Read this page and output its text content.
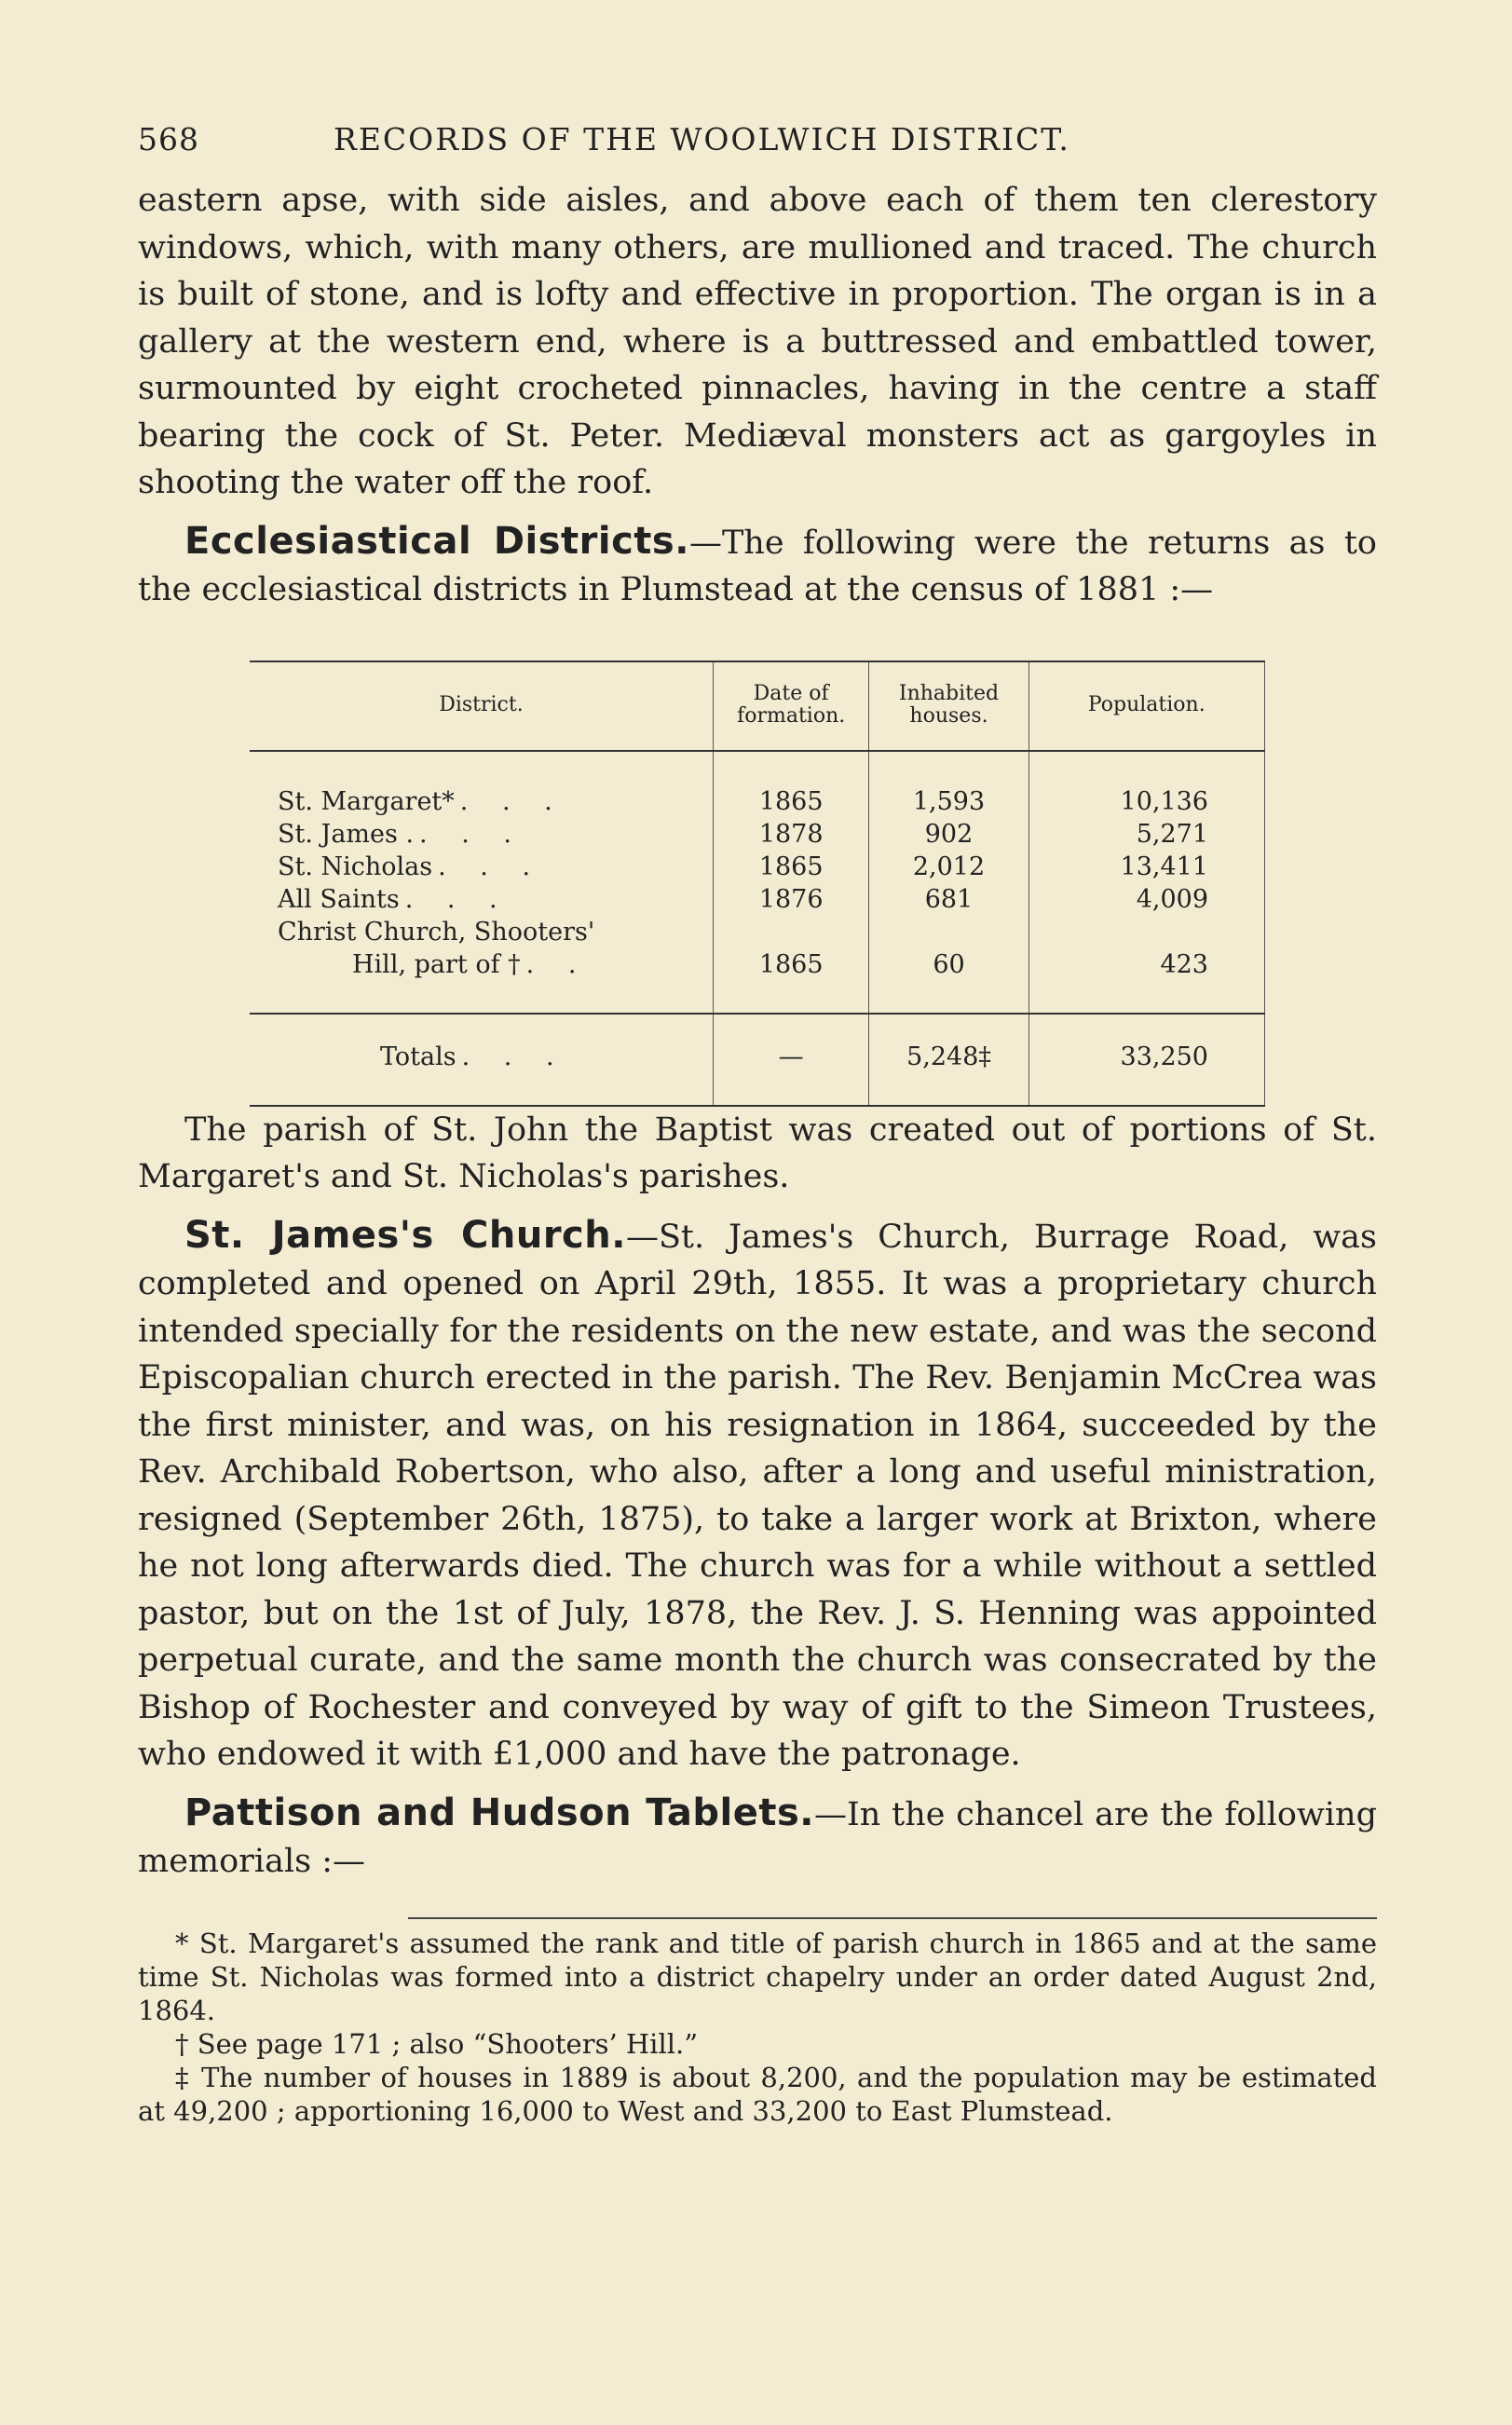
568	RECORDS OF THE WOOLWICH DISTRICT.

eastern apse, with side aisles, and above each of them ten clerestory windows, which, with many others, are mullioned and traced. The church is built of stone, and is lofty and effective in proportion. The organ is in a gallery at the western end, where is a buttressed and embattled tower, surmounted by eight crocheted pinnacles, having in the centre a staff bearing the cock of St. Peter. Mediæval monsters act as gargoyles in shooting the water off the roof.

Ecclesiastical Districts.—The following were the returns as to the ecclesiastical districts in Plumstead at the census of 1881 :—

District.	Date of formation.	Inhabited houses.	Population.
St. Margaret* . . .	1865	1,593	10,136
St. James . . . .	1878	902	5,271
St. Nicholas . . .	1865	2,012	13,411
All Saints . . .	1876	681	4,009
Christ Church, Shooters'			
Hill, part of † . .	1865	60	423
Totals . . .	—	5,248‡	33,250

The parish of St. John the Baptist was created out of portions of St. Margaret's and St. Nicholas's parishes.

St. James's Church.—St. James's Church, Burrage Road, was completed and opened on April 29th, 1855. It was a proprietary church intended specially for the residents on the new estate, and was the second Episcopalian church erected in the parish. The Rev. Benjamin McCrea was the first minister, and was, on his resignation in 1864, succeeded by the Rev. Archibald Robertson, who also, after a long and useful ministration, resigned (September 26th, 1875), to take a larger work at Brixton, where he not long afterwards died. The church was for a while without a settled pastor, but on the 1st of July, 1878, the Rev. J. S. Henning was appointed perpetual curate, and the same month the church was consecrated by the Bishop of Rochester and conveyed by way of gift to the Simeon Trustees, who endowed it with £1,000 and have the patronage.

Pattison and Hudson Tablets.—In the chancel are the following memorials :—

* St. Margaret's assumed the rank and title of parish church in 1865 and at the same time St. Nicholas was formed into a district chapelry under an order dated August 2nd, 1864.

† See page 171 ; also “Shooters’ Hill.”

‡ The number of houses in 1889 is about 8,200, and the population may be estimated at 49,200 ; apportioning 16,000 to West and 33,200 to East Plumstead.
